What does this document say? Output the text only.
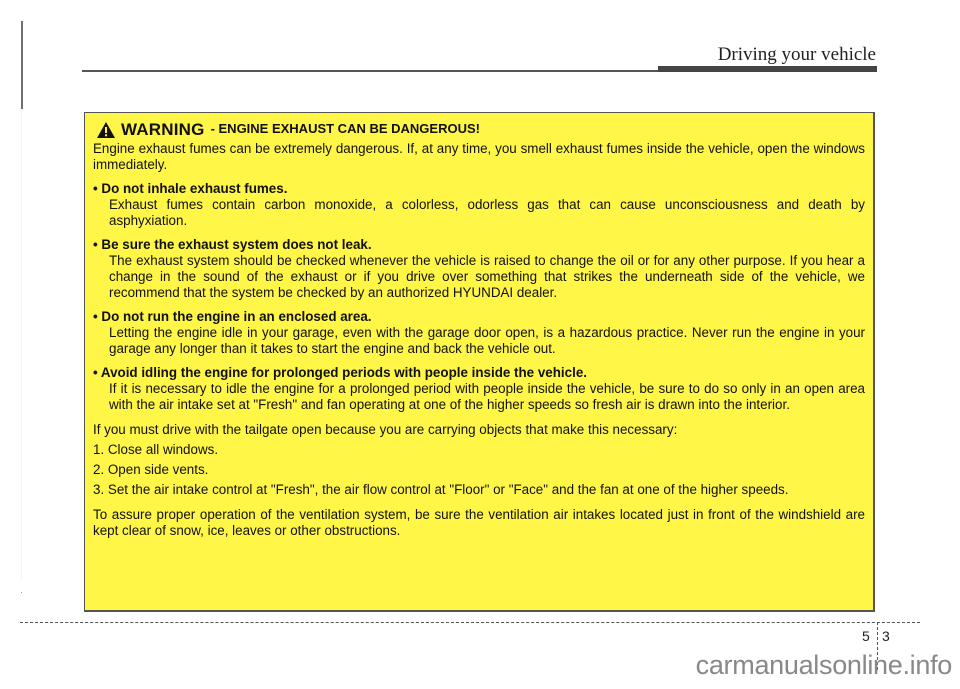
Driving your vehicle
WARNING - ENGINE EXHAUST CAN BE DANGEROUS!

Engine exhaust fumes can be extremely dangerous. If, at any time, you smell exhaust fumes inside the vehicle, open the windows immediately.

• Do not inhale exhaust fumes.

Exhaust fumes contain carbon monoxide, a colorless, odorless gas that can cause unconsciousness and death by asphyxiation.

• Be sure the exhaust system does not leak.

The exhaust system should be checked whenever the vehicle is raised to change the oil or for any other purpose. If you hear a change in the sound of the exhaust or if you drive over something that strikes the underneath side of the vehicle, we recommend that the system be checked by an authorized HYUNDAI dealer.

• Do not run the engine in an enclosed area.

Letting the engine idle in your garage, even with the garage door open, is a hazardous practice. Never run the engine in your garage any longer than it takes to start the engine and back the vehicle out.

• Avoid idling the engine for prolonged periods with people inside the vehicle.

If it is necessary to idle the engine for a prolonged period with people inside the vehicle, be sure to do so only in an open area with the air intake set at "Fresh" and fan operating at one of the higher speeds so fresh air is drawn into the interior.

If you must drive with the tailgate open because you are carrying objects that make this necessary:

1. Close all windows.

2. Open side vents.

3. Set the air intake control at "Fresh", the air flow control at "Floor" or "Face" and the fan at one of the higher speeds.

To assure proper operation of the ventilation system, be sure the ventilation air intakes located just in front of the windshield are kept clear of snow, ice, leaves or other obstructions.

5 3
carmanualsonline.info
